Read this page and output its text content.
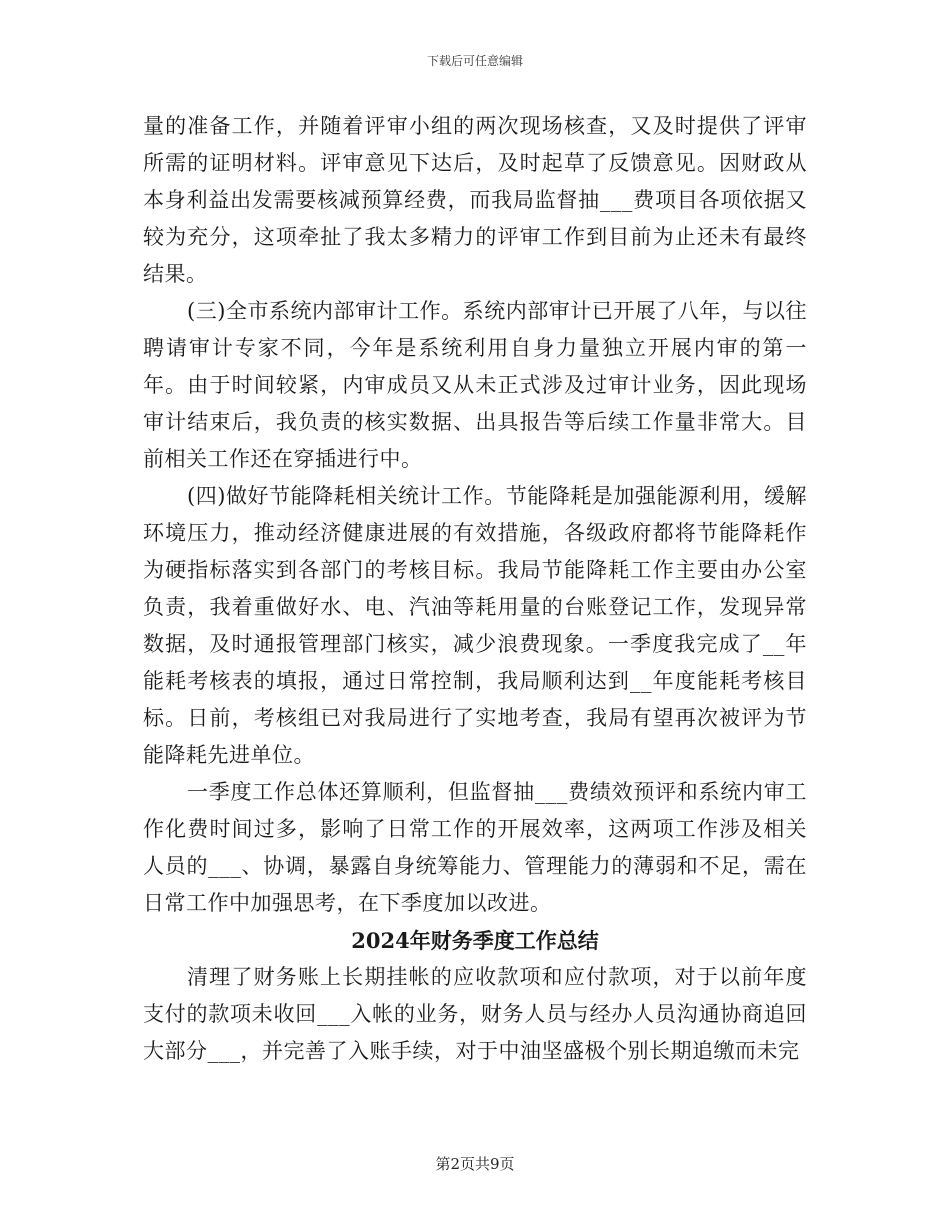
下载后可任意编辑

量的准备工作，并随着评审小组的两次现场核查，又及时提供了评审所需的证明材料。评审意见下达后，及时起草了反馈意见。因财政从本身利益出发需要核减预算经费，而我局监督抽___费项目各项依据又较为充分，这项牵扯了我太多精力的评审工作到目前为止还未有最终结果。

(三)全市系统内部审计工作。系统内部审计已开展了八年，与以往聘请审计专家不同，今年是系统利用自身力量独立开展内审的第一年。由于时间较紧，内审成员又从未正式涉及过审计业务，因此现场审计结束后，我负责的核实数据、出具报告等后续工作量非常大。目前相关工作还在穿插进行中。

(四)做好节能降耗相关统计工作。节能降耗是加强能源利用，缓解环境压力，推动经济健康进展的有效措施，各级政府都将节能降耗作为硬指标落实到各部门的考核目标。我局节能降耗工作主要由办公室负责，我着重做好水、电、汽油等耗用量的台账登记工作，发现异常数据，及时通报管理部门核实，减少浪费现象。一季度我完成了__年能耗考核表的填报，通过日常控制，我局顺利达到__年度能耗考核目标。日前，考核组已对我局进行了实地考查，我局有望再次被评为节能降耗先进单位。

一季度工作总体还算顺利，但监督抽___费绩效预评和系统内审工作化费时间过多，影响了日常工作的开展效率，这两项工作涉及相关人员的___、协调，暴露自身统筹能力、管理能力的薄弱和不足，需在日常工作中加强思考，在下季度加以改进。

2024年财务季度工作总结

清理了财务账上长期挂帐的应收款项和应付款项，对于以前年度支付的款项未收回___入帐的业务，财务人员与经办人员沟通协商追回大部分___，并完善了入账手续，对于中油坚盛极个别长期追缴而未完

第2页共9页
